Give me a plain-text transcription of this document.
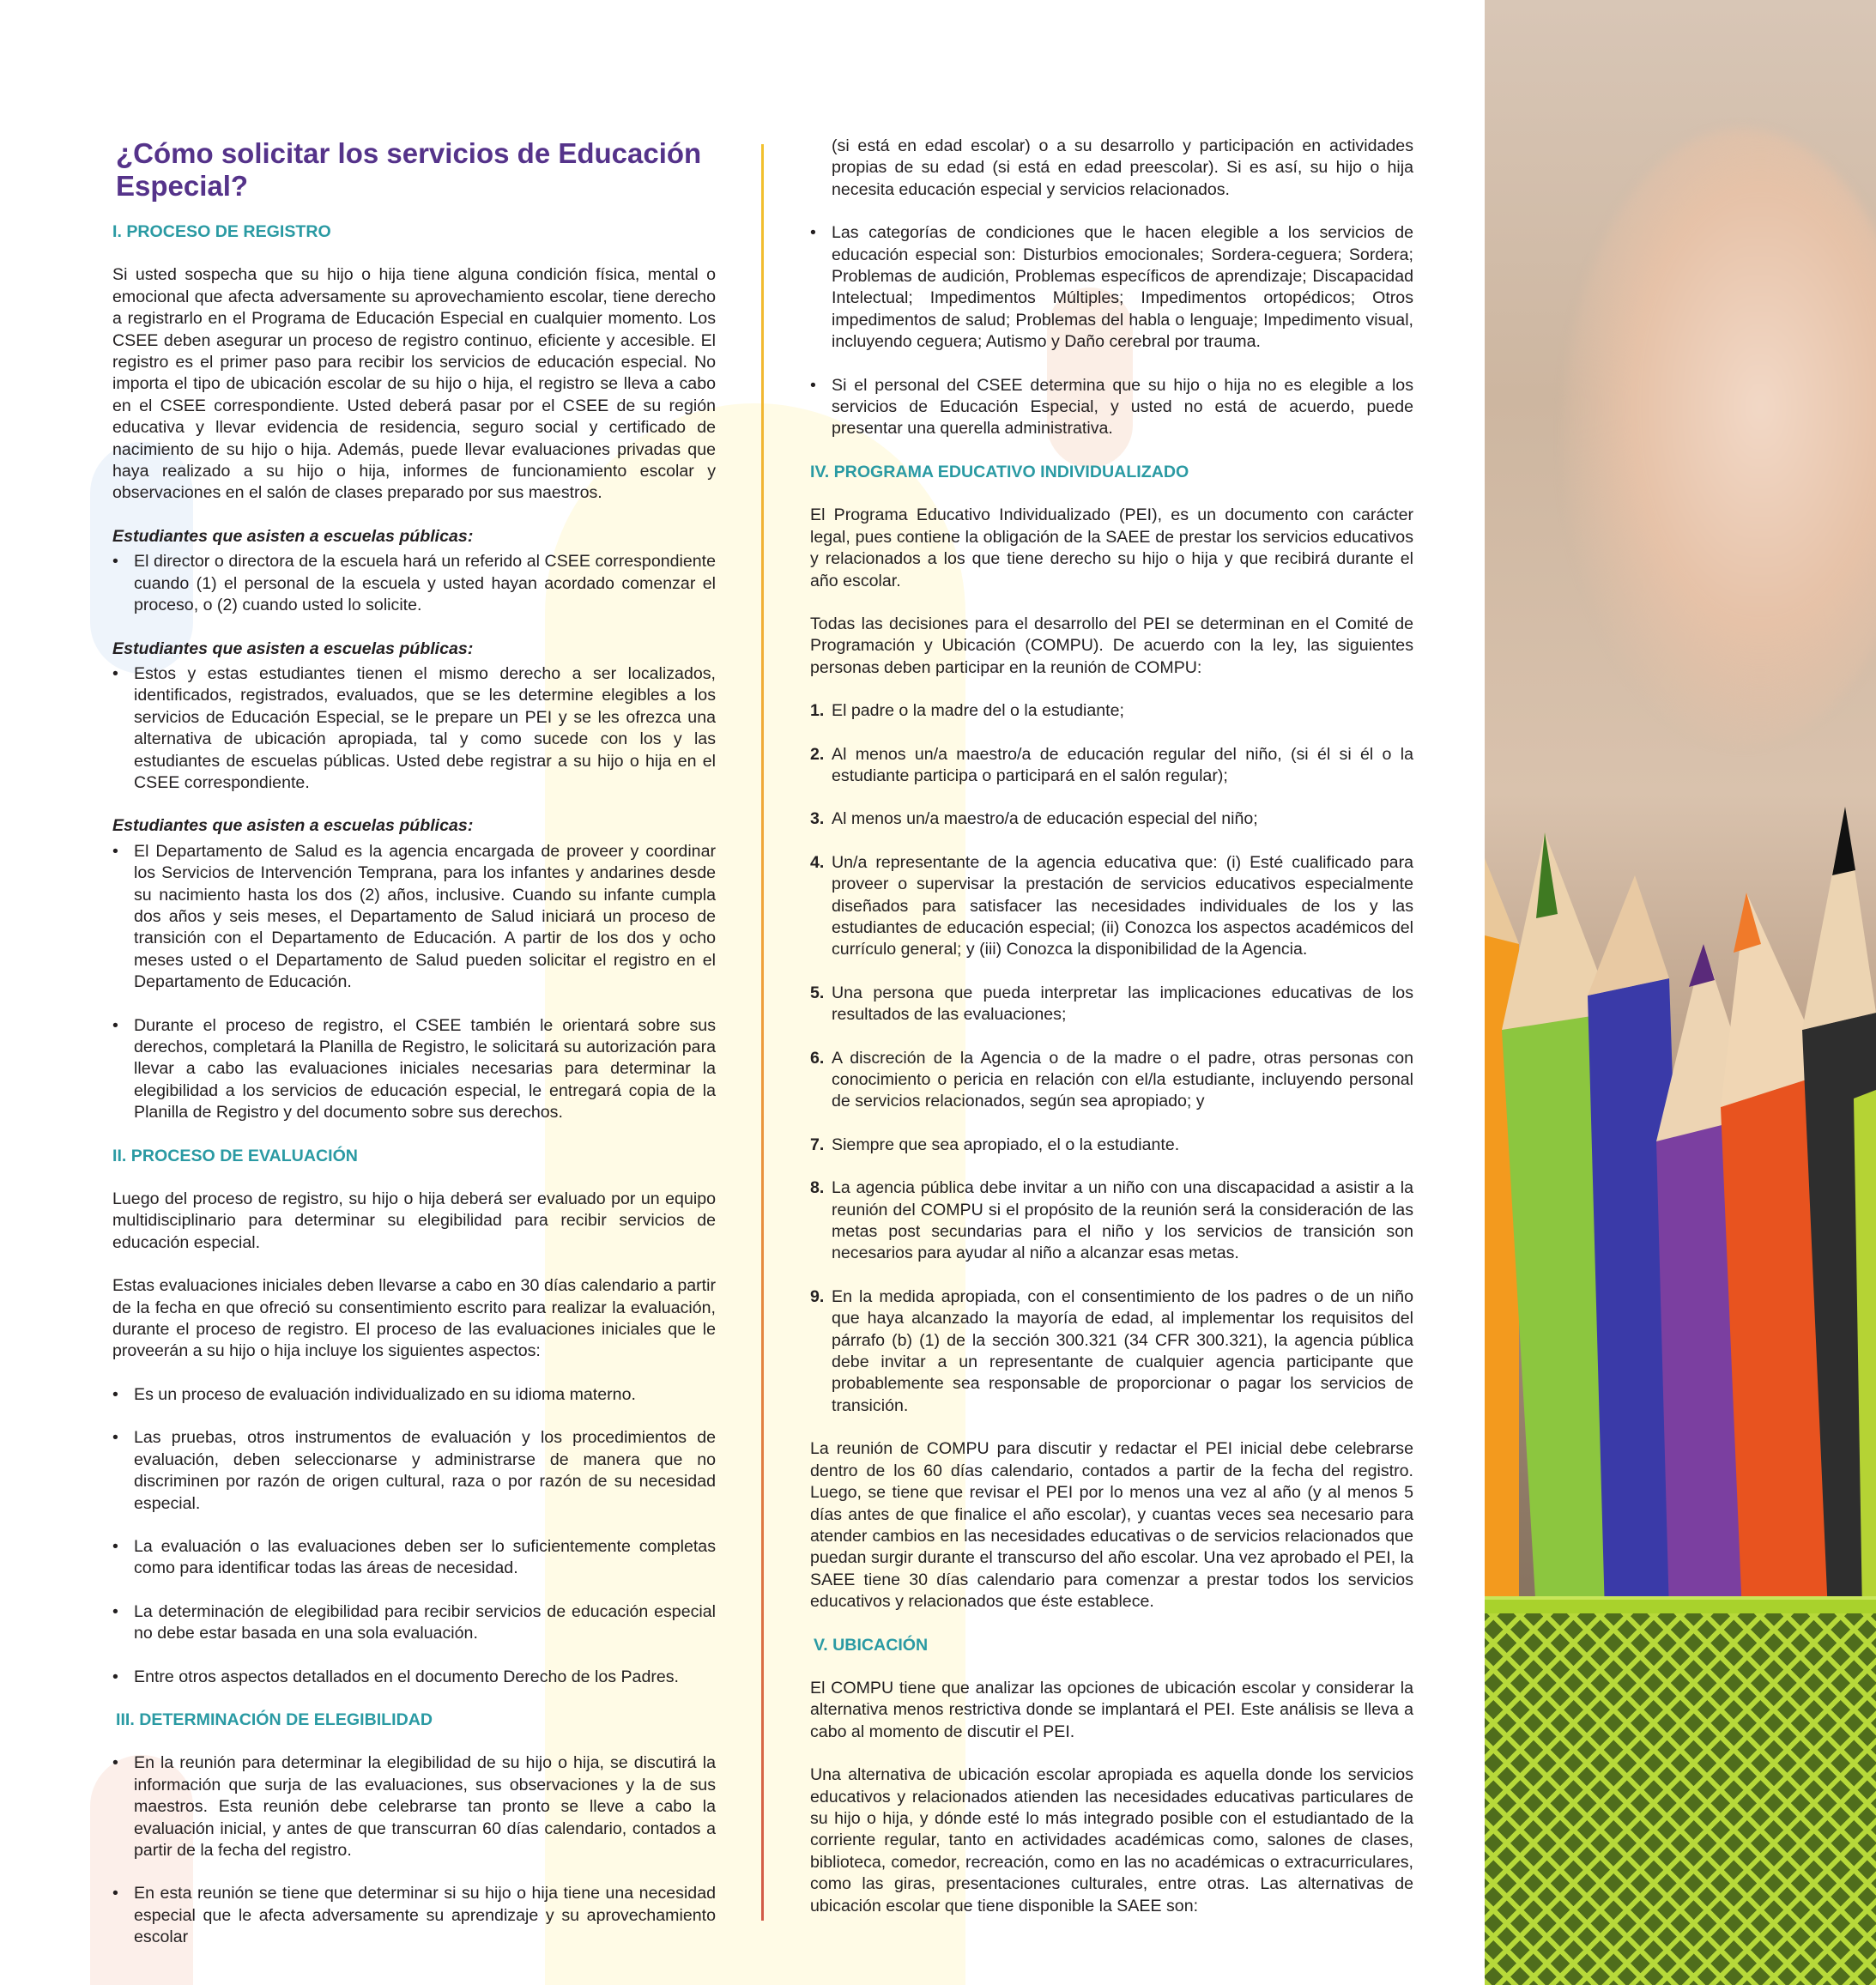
¿Cómo solicitar los servicios de Educación Especial?
I. PROCESO DE REGISTRO

Si usted sospecha que su hijo o hija tiene alguna condición física, mental o emocional que afecta adversamente su aprovechamiento escolar, tiene derecho a registrarlo en el Programa de Educación Especial en cualquier momento. Los CSEE deben asegurar un proceso de registro continuo, eficiente y accesible. El registro es el primer paso para recibir los servicios de educación especial. No importa el tipo de ubicación escolar de su hijo o hija, el registro se lleva a cabo en el CSEE correspondiente. Usted deberá pasar por el CSEE de su región educativa y llevar evidencia de residencia, seguro social y certificado de nacimiento de su hijo o hija. Además, puede llevar evaluaciones privadas que haya realizado a su hijo o hija, informes de funcionamiento escolar y observaciones en el salón de clases preparado por sus maestros.

Estudiantes que asisten a escuelas públicas:
• El director o directora de la escuela hará un referido al CSEE correspondiente cuando (1) el personal de la escuela y usted hayan acordado comenzar el proceso, o (2) cuando usted lo solicite.
Estudiantes que asisten a escuelas públicas:
• Estos y estas estudiantes tienen el mismo derecho a ser localizados, identificados, registrados, evaluados, que se les determine elegibles a los servicios de Educación Especial, se le prepare un PEI y se les ofrezca una alternativa de ubicación apropiada, tal y como sucede con los y las estudiantes de escuelas públicas. Usted debe registrar a su hijo o hija en el CSEE correspondiente.
Estudiantes que asisten a escuelas públicas:
• El Departamento de Salud es la agencia encargada de proveer y coordinar los Servicios de Intervención Temprana, para los infantes y andarines desde su nacimiento hasta los dos (2) años, inclusive. Cuando su infante cumpla dos años y seis meses, el Departamento de Salud iniciará un proceso de transición con el Departamento de Educación. A partir de los dos y ocho meses usted o el Departamento de Salud pueden solicitar el registro en el Departamento de Educación.
• Durante el proceso de registro, el CSEE también le orientará sobre sus derechos, completará la Planilla de Registro, le solicitará su autorización para llevar a cabo las evaluaciones iniciales necesarias para determinar la elegibilidad a los servicios de educación especial, le entregará copia de la Planilla de Registro y del documento sobre sus derechos.
II. PROCESO DE EVALUACIÓN

Luego del proceso de registro, su hijo o hija deberá ser evaluado por un equipo multidisciplinario para determinar su elegibilidad para recibir servicios de educación especial.

Estas evaluaciones iniciales deben llevarse a cabo en 30 días calendario a partir de la fecha en que ofreció su consentimiento escrito para realizar la evaluación, durante el proceso de registro. El proceso de las evaluaciones iniciales que le proveerán a su hijo o hija incluye los siguientes aspectos:

• Es un proceso de evaluación individualizado en su idioma materno.
• Las pruebas, otros instrumentos de evaluación y los procedimientos de evaluación, deben seleccionarse y administrarse de manera que no discriminen por razón de origen cultural, raza o por razón de su necesidad especial.
• La evaluación o las evaluaciones deben ser lo suficientemente completas como para identificar todas las áreas de necesidad.
• La determinación de elegibilidad para recibir servicios de educación especial no debe estar basada en una sola evaluación.
• Entre otros aspectos detallados en el documento Derecho de los Padres.
III. DETERMINACIÓN DE ELEGIBILIDAD
• En la reunión para determinar la elegibilidad de su hijo o hija, se discutirá la información que surja de las evaluaciones, sus observaciones y la de sus maestros. Esta reunión debe celebrarse tan pronto se lleve a cabo la evaluación inicial, y antes de que transcurran 60 días calendario, contados a partir de la fecha del registro.
• En esta reunión se tiene que determinar si su hijo o hija tiene una necesidad especial que le afecta adversamente su aprendizaje y su aprovechamiento escolar
(si está en edad escolar) o a su desarrollo y participación en actividades propias de su edad (si está en edad preescolar). Si es así, su hijo o hija necesita educación especial y servicios relacionados.
• Las categorías de condiciones que le hacen elegible a los servicios de educación especial son: Disturbios emocionales; Sordera-ceguera; Sordera; Problemas de audición, Problemas específicos de aprendizaje; Discapacidad Intelectual; Impedimentos Múltiples; Impedimentos ortopédicos; Otros impedimentos de salud; Problemas del habla o lenguaje; Impedimento visual, incluyendo ceguera; Autismo y Daño cerebral por trauma.
• Si el personal del CSEE determina que su hijo o hija no es elegible a los servicios de Educación Especial, y usted no está de acuerdo, puede presentar una querella administrativa.
IV. PROGRAMA EDUCATIVO INDIVIDUALIZADO

El Programa Educativo Individualizado (PEI), es un documento con carácter legal, pues contiene la obligación de la SAEE de prestar los servicios educativos y relacionados a los que tiene derecho su hijo o hija y que recibirá durante el año escolar.

Todas las decisiones para el desarrollo del PEI se determinan en el Comité de Programación y Ubicación (COMPU). De acuerdo con la ley, las siguientes personas deben participar en la reunión de COMPU:

1. El padre o la madre del o la estudiante;
2. Al menos un/a maestro/a de educación regular del niño, (si él si él o la estudiante participa o participará en el salón regular);
3. Al menos un/a maestro/a de educación especial del niño;
4. Un/a representante de la agencia educativa que: (i) Esté cualificado para proveer o supervisar la prestación de servicios educativos especialmente diseñados para satisfacer las necesidades individuales de los y las estudiantes de educación especial; (ii) Conozca los aspectos académicos del currículo general; y (iii) Conozca la disponibilidad de la Agencia.
5. Una persona que pueda interpretar las implicaciones educativas de los resultados de las evaluaciones;
6. A discreción de la Agencia o de la madre o el padre, otras personas con conocimiento o pericia en relación con el/la estudiante, incluyendo personal de servicios relacionados, según sea apropiado; y
7. Siempre que sea apropiado, el o la estudiante.
8. La agencia pública debe invitar a un niño con una discapacidad a asistir a la reunión del COMPU si el propósito de la reunión será la consideración de las metas post secundarias para el niño y los servicios de transición son necesarios para ayudar al niño a alcanzar esas metas.
9. En la medida apropiada, con el consentimiento de los padres o de un niño que haya alcanzado la mayoría de edad, al implementar los requisitos del párrafo (b) (1) de la sección 300.321 (34 CFR 300.321), la agencia pública debe invitar a un representante de cualquier agencia participante que probablemente sea responsable de proporcionar o pagar los servicios de transición.

La reunión de COMPU para discutir y redactar el PEI inicial debe celebrarse dentro de los 60 días calendario, contados a partir de la fecha del registro. Luego, se tiene que revisar el PEI por lo menos una vez al año (y al menos 5 días antes de que finalice el año escolar), y cuantas veces sea necesario para atender cambios en las necesidades educativas o de servicios relacionados que puedan surgir durante el transcurso del año escolar. Una vez aprobado el PEI, la SAEE tiene 30 días calendario para comenzar a prestar todos los servicios educativos y relacionados que éste establece.

V. UBICACIÓN

El COMPU tiene que analizar las opciones de ubicación escolar y considerar la alternativa menos restrictiva donde se implantará el PEI. Este análisis se lleva a cabo al momento de discutir el PEI.

Una alternativa de ubicación escolar apropiada es aquella donde los servicios educativos y relacionados atienden las necesidades educativas particulares de su hijo o hija, y dónde esté lo más integrado posible con el estudiantado de la corriente regular, tanto en actividades académicas como, salones de clases, biblioteca, comedor, recreación, como en las no académicas o extracurriculares, como las giras, presentaciones culturales, entre otras. Las alternativas de ubicación escolar que tiene disponible la SAEE son:
